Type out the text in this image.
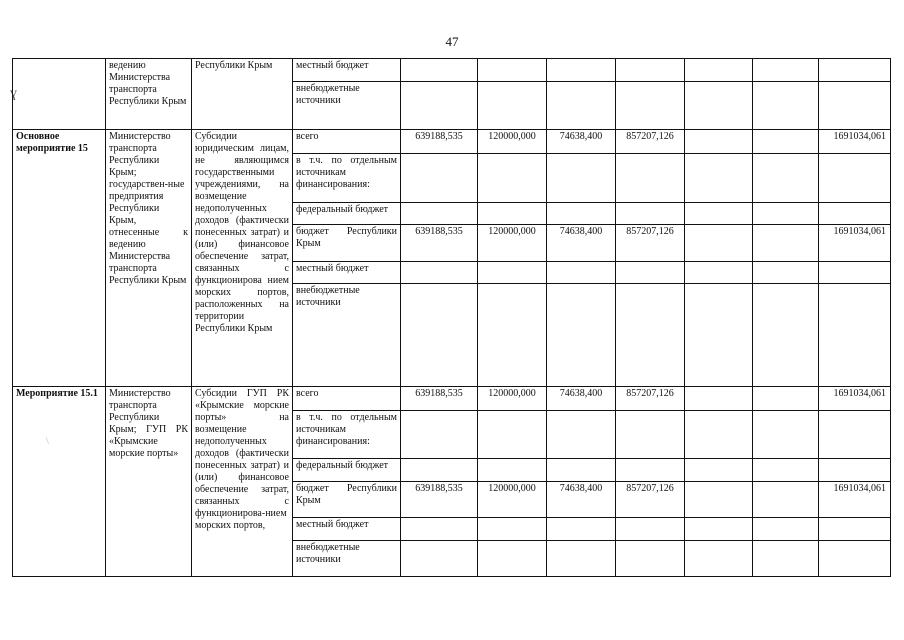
47
ɣ
\
	ведению Министерства транспорта Республики Крым	Республики Крым	местный бюджет							
			внебюджетные источники							
Основное мероприятие 15	Министерство транспорта Республики Крым; государствен-ные предприятия Республики Крым, отнесенные к ведению Министерства транспорта Республики Крым	Субсидии юридическим лицам, не являющимся государственными учреждениями, на возмещение недополученных доходов (фактически понесенных затрат) и (или) финансовое обеспечение затрат, связанных с функционирова нием морских портов, расположенных на территории Республики Крым	всего	639188,535	120000,000	74638,400	857207,126			1691034,061
			в т.ч. по отдельным источникам финансирования:							
			федеральный бюджет							
			бюджет Республики Крым	639188,535	120000,000	74638,400	857207,126			1691034,061
			местный бюджет							
			внебюджетные источники							
Мероприятие 15.1	Министерство транспорта Республики Крым; ГУП РК «Крымские морские порты»	Субсидии ГУП РК «Крымские морские порты» на возмещение недополученных доходов (фактически понесенных затрат) и (или) финансовое обеспечение затрат, связанных с функционирова-нием морских портов,	всего	639188,535	120000,000	74638,400	857207,126			1691034,061
			в т.ч. по отдельным источникам финансирования:							
			федеральный бюджет							
			бюджет Республики Крым	639188,535	120000,000	74638,400	857207,126			1691034,061
			местный бюджет							
			внебюджетные источники							
